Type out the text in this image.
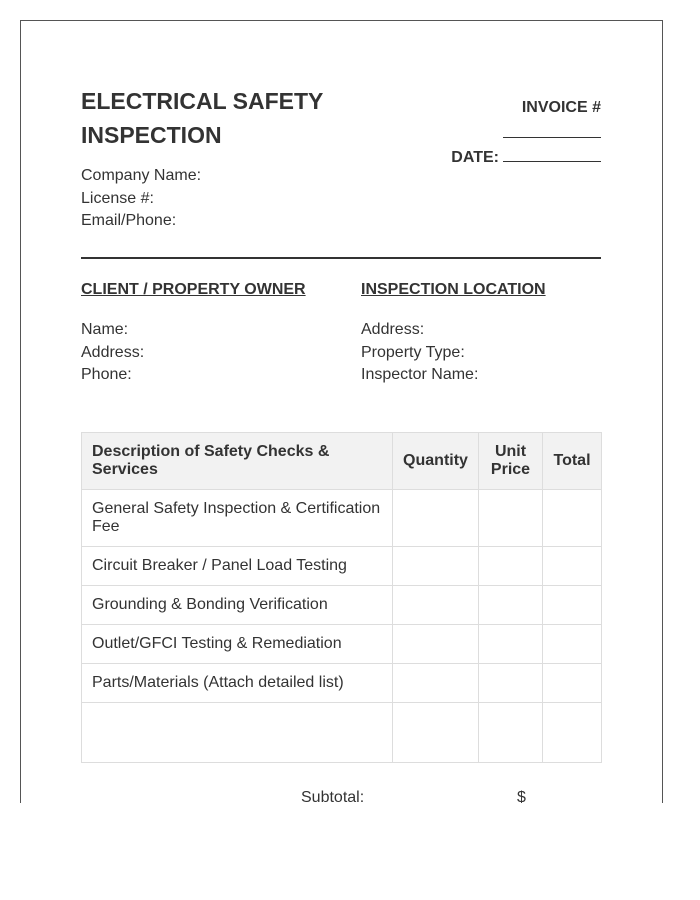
ELECTRICAL SAFETY INSPECTION
Company Name:
License #:
Email/Phone:
INVOICE #
DATE:
CLIENT / PROPERTY OWNER	INSPECTION LOCATION
Name:
Address:
Phone:
Address:
Property Type:
Inspector Name:
Description of Safety Checks & Services	Quantity	Unit Price	Total
General Safety Inspection & Certification Fee			
Circuit Breaker / Panel Load Testing			
Grounding & Bonding Verification			
Outlet/GFCI Testing & Remediation			
Parts/Materials (Attach detailed list)			

Subtotal:	$
